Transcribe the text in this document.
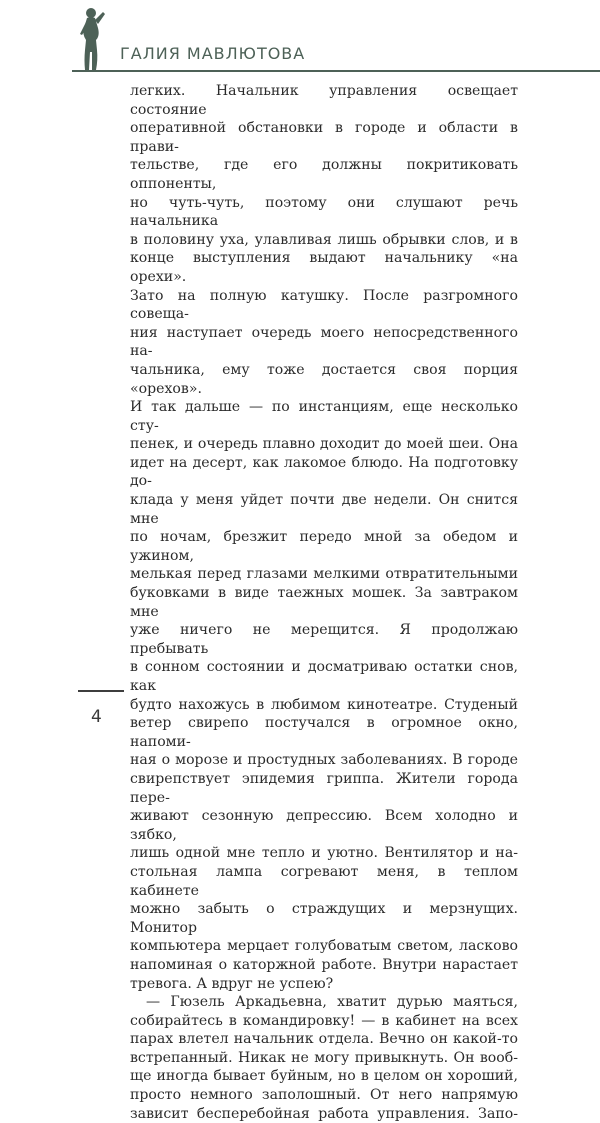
ГАЛИЯ МАВЛЮТОВА
легких. Начальник управления освещает состояние
оперативной обстановки в городе и области в прави-
тельстве, где его должны покритиковать оппоненты,
но чуть-чуть, поэтому они слушают речь начальника
в половину уха, улавливая лишь обрывки слов, и в
конце выступления выдают начальнику «на орехи».
Зато на полную катушку. После разгромного совеща-
ния наступает очередь моего непосредственного на-
чальника, ему тоже достается своя порция «орехов».
И так дальше — по инстанциям, еще несколько сту-
пенек, и очередь плавно доходит до моей шеи. Она
идет на десерт, как лакомое блюдо. На подготовку до-
клада у меня уйдет почти две недели. Он снится мне
по ночам, брезжит передо мной за обедом и ужином,
мелькая перед глазами мелкими отвратительными
буковками в виде таежных мошек. За завтраком мне
уже ничего не мерещится. Я продолжаю пребывать
в сонном состоянии и досматриваю остатки снов, как
будто нахожусь в любимом кинотеатре. Студеный
ветер свирепо постучался в огромное окно, напоми-
ная о морозе и простудных заболеваниях. В городе
свирепствует эпидемия гриппа. Жители города пере-
живают сезонную депрессию. Всем холодно и зябко,
лишь одной мне тепло и уютно. Вентилятор и на-
стольная лампа согревают меня, в теплом кабинете
можно забыть о страждущих и мерзнущих. Монитор
компьютера мерцает голубоватым светом, ласково
напоминая о каторжной работе. Внутри нарастает
тревога. А вдруг не успею?
— Гюзель Аркадьевна, хватит дурью маяться,
собирайтесь в командировку! — в кабинет на всех
парах влетел начальник отдела. Вечно он какой-то
встрепанный. Никак не могу привыкнуть. Он вооб-
ще иногда бывает буйным, но в целом он хороший,
просто немного заполошный. От него напрямую
зависит бесперебойная работа управления. Запо-
4
